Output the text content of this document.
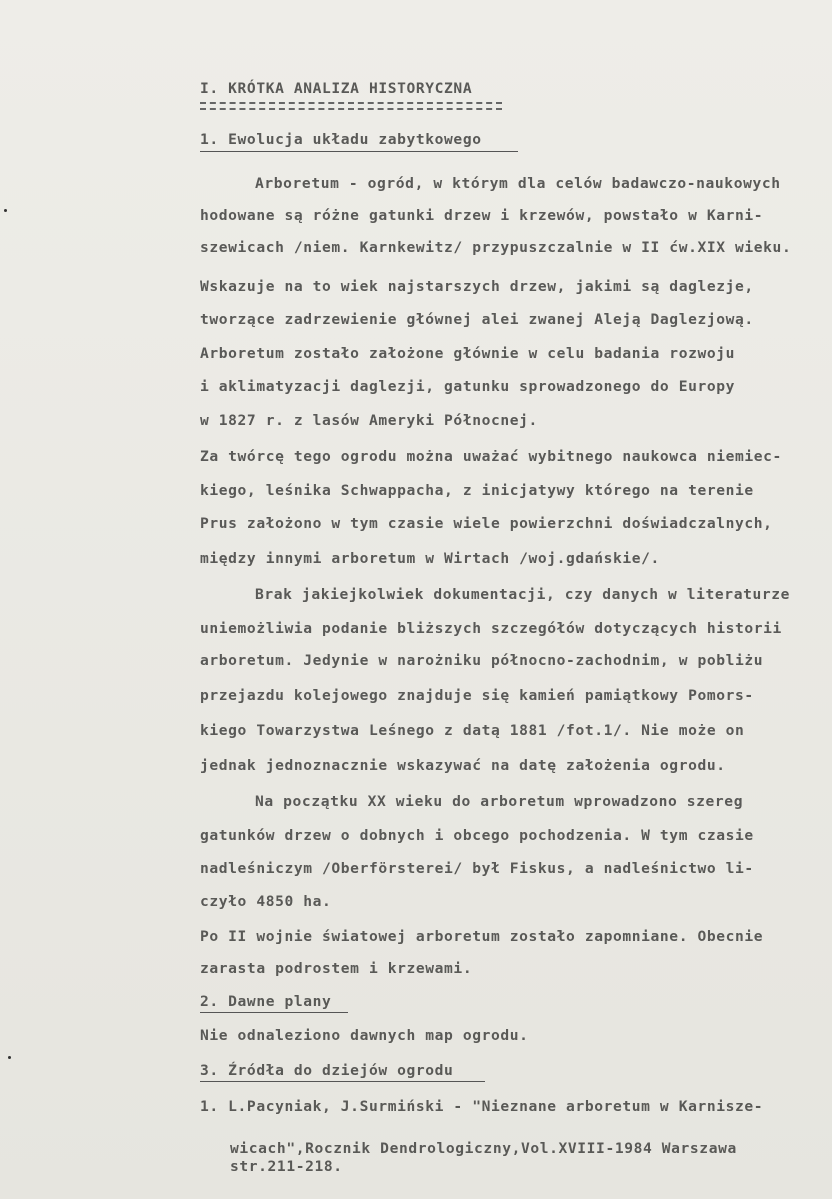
I. KRÓTKA ANALIZA HISTORYCZNA
1. Ewolucja układu zabytkowego
Arboretum - ogród, w którym dla celów badawczo-naukowych
hodowane są różne gatunki drzew i krzewów, powstało w Karni-
szewicach /niem. Karnkewitz/ przypuszczalnie w II ćw.XIX wieku.
Wskazuje na to wiek najstarszych drzew, jakimi są daglezje,
tworzące zadrzewienie głównej alei zwanej Aleją Daglezjową.
Arboretum zostało założone głównie w celu badania rozwoju
i aklimatyzacji daglezji, gatunku sprowadzonego do Europy
w 1827 r. z lasów Ameryki Północnej.
Za twórcę tego ogrodu można uważać wybitnego naukowca niemiec-
kiego, leśnika Schwappacha, z inicjatywy którego na terenie
Prus założono w tym czasie wiele powierzchni doświadczalnych,
między innymi arboretum w Wirtach /woj.gdańskie/.
Brak jakiejkolwiek dokumentacji, czy danych w literaturze
uniemożliwia podanie bliższych szczegółów dotyczących historii
arboretum. Jedynie w narożniku północno-zachodnim, w pobliżu
przejazdu kolejowego znajduje się kamień pamiątkowy Pomors-
kiego Towarzystwa Leśnego z datą 1881 /fot.1/. Nie może on
jednak jednoznacznie wskazywać na datę założenia ogrodu.
Na początku XX wieku do arboretum wprowadzono szereg
gatunków drzew o dobnych i obcego pochodzenia. W tym czasie
nadleśniczym /Oberförsterei/ był Fiskus, a nadleśnictwo li-
czyło 4850 ha.
Po II wojnie światowej arboretum zostało zapomniane. Obecnie
zarasta podrostem i krzewami.
2. Dawne plany
Nie odnaleziono dawnych map ogrodu.
3. Źródła do dziejów ogrodu
1. L.Pacyniak, J.Surmiński - "Nieznane arboretum w Karnisze-
wicach",Rocznik Dendrologiczny,Vol.XVIII-1984 Warszawa
str.211-218.
